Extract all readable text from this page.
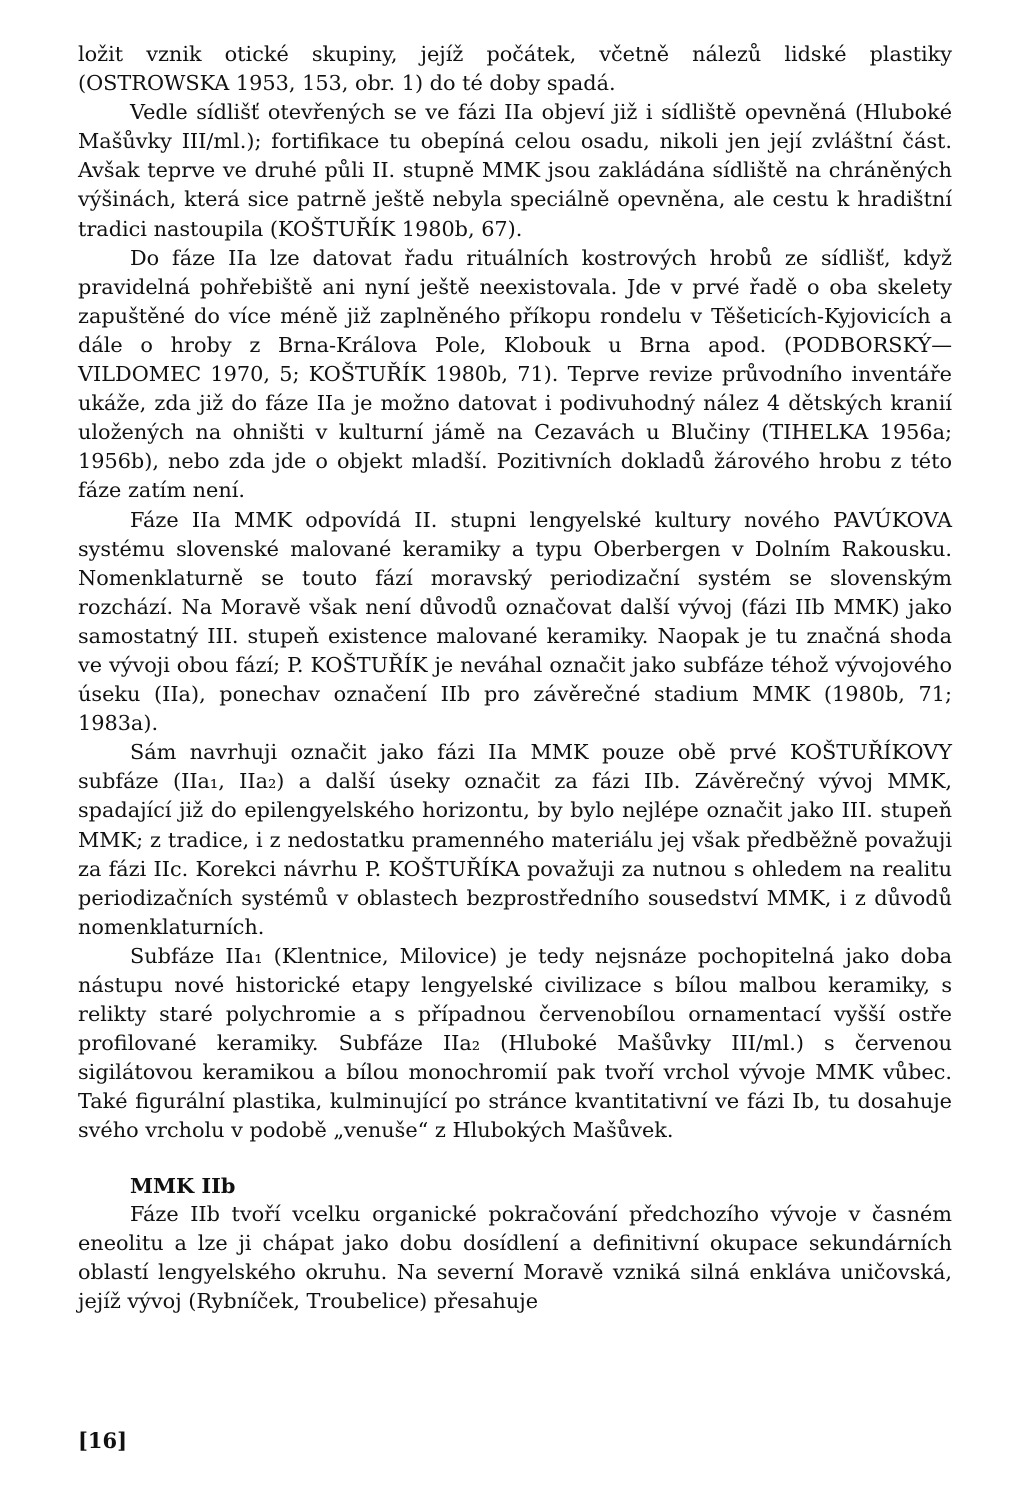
ložit vznik otické skupiny, jejíž počátek, včetně nálezů lidské plastiky (OSTROWSKA 1953, 153, obr. 1) do té doby spadá.

Vedle sídlišť otevřených se ve fázi IIa objeví již i sídliště opevněná (Hluboké Mašůvky III/ml.); fortifikace tu obepíná celou osadu, nikoli jen její zvláštní část. Avšak teprve ve druhé půli II. stupně MMK jsou zakládána sídliště na chráněných výšinách, která sice patrně ještě nebyla speciálně opevněna, ale cestu k hradištní tradici nastoupila (KOŠTUŘÍK 1980b, 67).

Do fáze IIa lze datovat řadu rituálních kostrových hrobů ze sídlišť, když pravidelná pohřebiště ani nyní ještě neexistovala. Jde v prvé řadě o oba skelety zapuštěné do více méně již zaplněného příkopu rondelu v Těšeticích-Kyjovicích a dále o hroby z Brna-Králova Pole, Klobouk u Brna apod. (PODBORSKÝ—VILDOMEC 1970, 5; KOŠTUŘÍK 1980b, 71). Teprve revize průvodního inventáře ukáže, zda již do fáze IIa je možno datovat i podivuhodný nález 4 dětských kranií uložených na ohništi v kulturní jámě na Cezavách u Blučiny (TIHELKA 1956a; 1956b), nebo zda jde o objekt mladší. Pozitivních dokladů žárového hrobu z této fáze zatím není.

Fáze IIa MMK odpovídá II. stupni lengyelské kultury nového PAVÚKOVA systému slovenské malované keramiky a typu Oberbergen v Dolním Rakousku. Nomenklaturně se touto fází moravský periodizační systém se slovenským rozchází. Na Moravě však není důvodů označovat další vývoj (fázi IIb MMK) jako samostatný III. stupeň existence malované keramiky. Naopak je tu značná shoda ve vývoji obou fází; P. KOŠTUŘÍK je neváhal označit jako subfáze téhož vývojového úseku (IIa), ponechav označení IIb pro závěrečné stadium MMK (1980b, 71; 1983a).

Sám navrhuji označit jako fázi IIa MMK pouze obě prvé KOŠTUŘÍKOVY subfáze (IIa₁, IIa₂) a další úseky označit za fázi IIb. Závěrečný vývoj MMK, spadající již do epilengyelského horizontu, by bylo nejlépe označit jako III. stupeň MMK; z tradice, i z nedostatku pramenného materiálu jej však předběžně považuji za fázi IIc. Korekci návrhu P. KOŠTUŘÍKA považuji za nutnou s ohledem na realitu periodizačních systémů v oblastech bezprostředního sousedství MMK, i z důvodů nomenklaturních.

Subfáze IIa₁ (Klentnice, Milovice) je tedy nejsnáze pochopitelná jako doba nástupu nové historické etapy lengyelské civilizace s bílou malbou keramiky, s relikty staré polychromie a s případnou červenobílou ornamentací vyšší ostře profilované keramiky. Subfáze IIa₂ (Hluboké Mašůvky III/ml.) s červenou sigilátovou keramikou a bílou monochromií pak tvoří vrchol vývoje MMK vůbec. Také figurální plastika, kulminující po stránce kvantitativní ve fázi Ib, tu dosahuje svého vrcholu v podobě „venuše“ z Hlubokých Mašůvek.

MMK IIb

Fáze IIb tvoří vcelku organické pokračování předchozího vývoje v časném eneolitu a lze ji chápat jako dobu dosídlení a definitivní okupace sekundárních oblastí lengyelského okruhu. Na severní Moravě vzniká silná enkláva uničovská, jejíž vývoj (Rybníček, Troubelice) přesahuje

[16]
